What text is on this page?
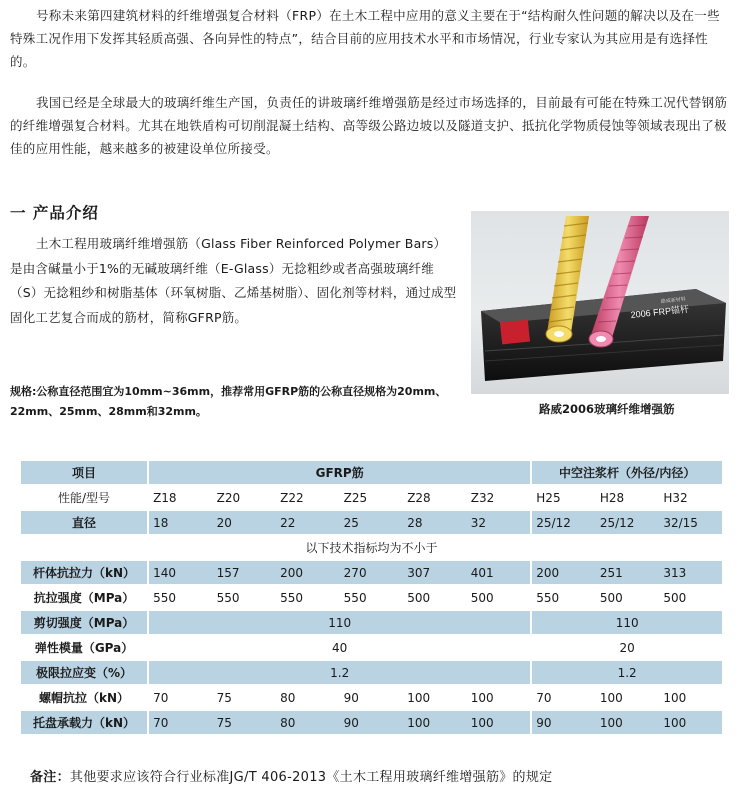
号称未来第四建筑材料的纤维增强复合材料（FRP）在土木工程中应用的意义主要在于“结构耐久性问题的解决以及在一些特殊工况作用下发挥其轻质高强、各向异性的特点”，结合目前的应用技术水平和市场情况，行业专家认为其应用是有选择性的。

我国已经是全球最大的玻璃纤维生产国，负责任的讲玻璃纤维增强筋是经过市场选择的，目前最有可能在特殊工况代替钢筋的纤维增强复合材料。尤其在地铁盾构可切削混凝土结构、高等级公路边坡以及隧道支护、抵抗化学物质侵蚀等领域表现出了极佳的应用性能，越来越多的被建设单位所接受。

一 产品介绍

土木工程用玻璃纤维增强筋（Glass Fiber Reinforced Polymer Bars）是由含碱量小于1%的无碱玻璃纤维（E-Glass）无捻粗纱或者高强玻璃纤维（S）无捻粗纱和树脂基体（环氧树脂、乙烯基树脂）、固化剂等材料，通过成型固化工艺复合而成的筋材，简称GFRP筋。

规格:公称直径范围宜为10mm~36mm，推荐常用GFRP筋的公称直径规格为20mm、22mm、25mm、28mm和32mm。

2006 FRP锚杆
路威新材料
路威2006玻璃纤维增强筋
项目		GFRP筋							中空注浆杆（外径/内径）		
性能/型号		Z18	Z20	Z22	Z25	Z28	Z32		H25	H28	H32
直径		18	20	22	25	28	32		25/12	25/12	32/15
以下技术指标均为不小于											
杆体抗拉力（kN）		140	157	200	270	307	401		200	251	313
抗拉强度（MPa）		550	550	550	550	500	500		550	500	500
剪切强度（MPa）		110							110		
弹性模量（GPa）		40							20		
极限拉应变（%）		1.2							1.2		
螺帽抗拉（kN）		70	75	80	90	100	100		70	100	100
托盘承载力（kN）		70	75	80	90	100	100		90	100	100
备注：其他要求应该符合行业标准JG/T 406-2013《土木工程用玻璃纤维增强筋》的规定
